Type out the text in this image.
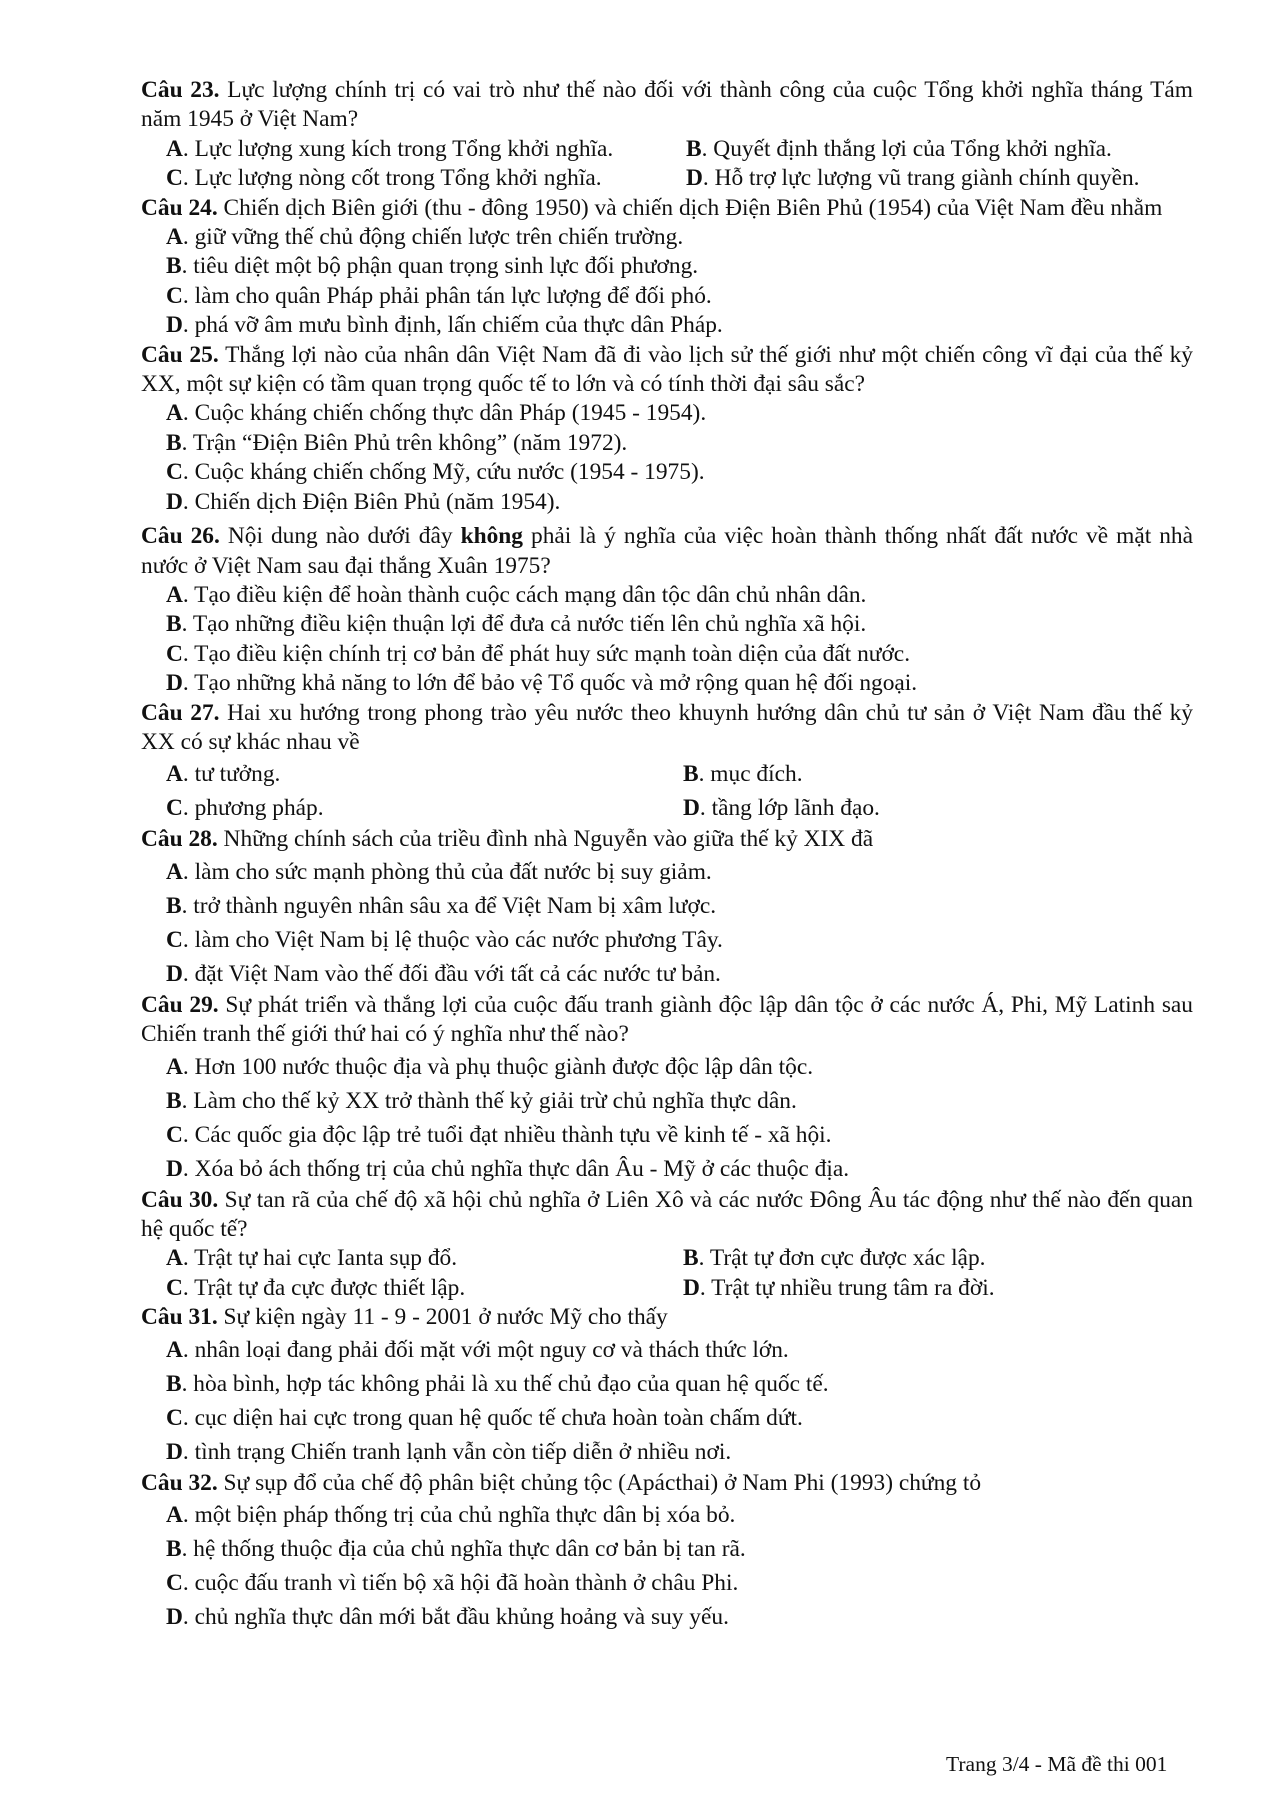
Câu 23. Lực lượng chính trị có vai trò như thế nào đối với thành công của cuộc Tổng khởi nghĩa tháng Tám năm 1945 ở Việt Nam?
A. Lực lượng xung kích trong Tổng khởi nghĩa.	B. Quyết định thắng lợi của Tổng khởi nghĩa.
C. Lực lượng nòng cốt trong Tổng khởi nghĩa.	D. Hỗ trợ lực lượng vũ trang giành chính quyền.
Câu 24. Chiến dịch Biên giới (thu - đông 1950) và chiến dịch Điện Biên Phủ (1954) của Việt Nam đều nhằm
A. giữ vững thế chủ động chiến lược trên chiến trường.
B. tiêu diệt một bộ phận quan trọng sinh lực đối phương.
C. làm cho quân Pháp phải phân tán lực lượng để đối phó.
D. phá vỡ âm mưu bình định, lấn chiếm của thực dân Pháp.
Câu 25. Thắng lợi nào của nhân dân Việt Nam đã đi vào lịch sử thế giới như một chiến công vĩ đại của thế kỷ XX, một sự kiện có tầm quan trọng quốc tế to lớn và có tính thời đại sâu sắc?
A. Cuộc kháng chiến chống thực dân Pháp (1945 - 1954).
B. Trận “Điện Biên Phủ trên không” (năm 1972).
C. Cuộc kháng chiến chống Mỹ, cứu nước (1954 - 1975).
D. Chiến dịch Điện Biên Phủ (năm 1954).
Câu 26. Nội dung nào dưới đây không phải là ý nghĩa của việc hoàn thành thống nhất đất nước về mặt nhà nước ở Việt Nam sau đại thắng Xuân 1975?
A. Tạo điều kiện để hoàn thành cuộc cách mạng dân tộc dân chủ nhân dân.
B. Tạo những điều kiện thuận lợi để đưa cả nước tiến lên chủ nghĩa xã hội.
C. Tạo điều kiện chính trị cơ bản để phát huy sức mạnh toàn diện của đất nước.
D. Tạo những khả năng to lớn để bảo vệ Tổ quốc và mở rộng quan hệ đối ngoại.
Câu 27. Hai xu hướng trong phong trào yêu nước theo khuynh hướng dân chủ tư sản ở Việt Nam đầu thế kỷ XX có sự khác nhau về
A. tư tưởng.	B. mục đích.
C. phương pháp.	D. tầng lớp lãnh đạo.
Câu 28. Những chính sách của triều đình nhà Nguyễn vào giữa thế kỷ XIX đã
A. làm cho sức mạnh phòng thủ của đất nước bị suy giảm.
B. trở thành nguyên nhân sâu xa để Việt Nam bị xâm lược.
C. làm cho Việt Nam bị lệ thuộc vào các nước phương Tây.
D. đặt Việt Nam vào thế đối đầu với tất cả các nước tư bản.
Câu 29. Sự phát triển và thắng lợi của cuộc đấu tranh giành độc lập dân tộc ở các nước Á, Phi, Mỹ Latinh sau Chiến tranh thế giới thứ hai có ý nghĩa như thế nào?
A. Hơn 100 nước thuộc địa và phụ thuộc giành được độc lập dân tộc.
B. Làm cho thế kỷ XX trở thành thế kỷ giải trừ chủ nghĩa thực dân.
C. Các quốc gia độc lập trẻ tuổi đạt nhiều thành tựu về kinh tế - xã hội.
D. Xóa bỏ ách thống trị của chủ nghĩa thực dân Âu - Mỹ ở các thuộc địa.
Câu 30. Sự tan rã của chế độ xã hội chủ nghĩa ở Liên Xô và các nước Đông Âu tác động như thế nào đến quan hệ quốc tế?
A. Trật tự hai cực Ianta sụp đổ.	B. Trật tự đơn cực được xác lập.
C. Trật tự đa cực được thiết lập.	D. Trật tự nhiều trung tâm ra đời.
Câu 31. Sự kiện ngày 11 - 9 - 2001 ở nước Mỹ cho thấy
A. nhân loại đang phải đối mặt với một nguy cơ và thách thức lớn.
B. hòa bình, hợp tác không phải là xu thế chủ đạo của quan hệ quốc tế.
C. cục diện hai cực trong quan hệ quốc tế chưa hoàn toàn chấm dứt.
D. tình trạng Chiến tranh lạnh vẫn còn tiếp diễn ở nhiều nơi.
Câu 32. Sự sụp đổ của chế độ phân biệt chủng tộc (Apácthai) ở Nam Phi (1993) chứng tỏ
A. một biện pháp thống trị của chủ nghĩa thực dân bị xóa bỏ.
B. hệ thống thuộc địa của chủ nghĩa thực dân cơ bản bị tan rã.
C. cuộc đấu tranh vì tiến bộ xã hội đã hoàn thành ở châu Phi.
D. chủ nghĩa thực dân mới bắt đầu khủng hoảng và suy yếu.
Trang 3/4 - Mã đề thi 001
